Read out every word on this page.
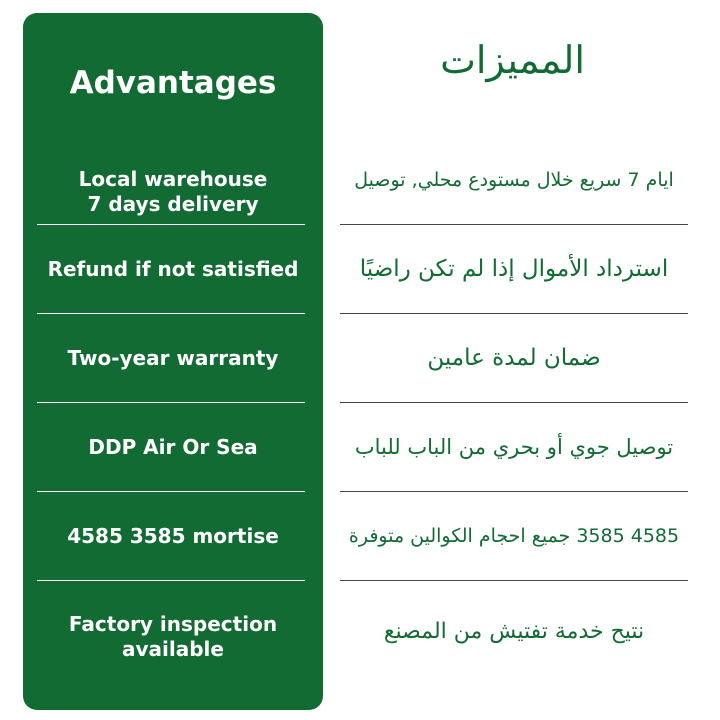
Advantages
Local warehouse
7 days delivery
Refund if not satisfied
Two-year warranty
DDP Air Or Sea
4585 3585 mortise
Factory inspection
available
المميزات
ايام 7 سريع خلال مستودع محلي, توصيل
استرداد الأموال إذا لم تكن راضيًا
ضمان لمدة عامين
توصيل جوي أو بحري من الباب للباب
4585 3585 جميع احجام الكوالين متوفرة
نتيح خدمة تفتيش من المصنع
